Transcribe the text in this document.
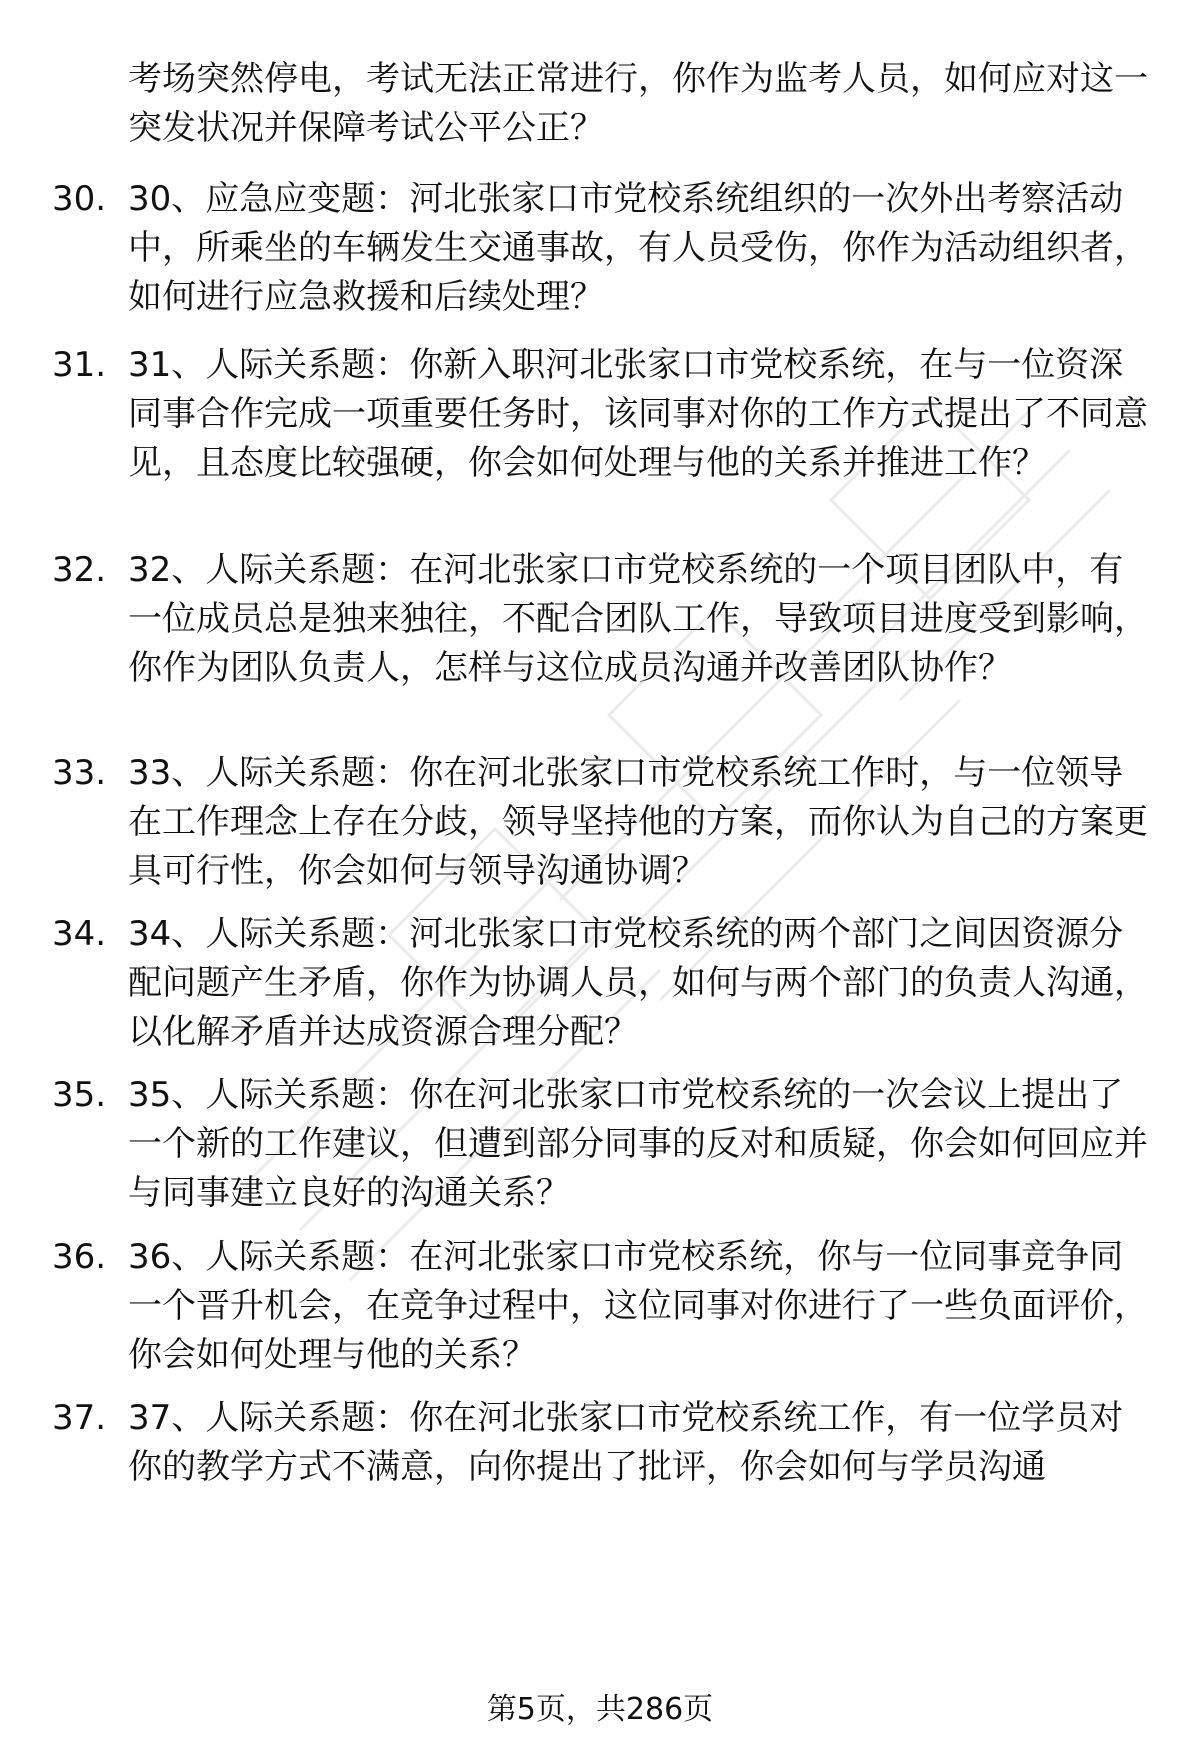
考场突然停电，考试无法正常进行，你作为监考人员，如何应对这一突发状况并保障考试公平公正？

30. 30、应急应变题：河北张家口市党校系统组织的一次外出考察活动中，所乘坐的车辆发生交通事故，有人员受伤，你作为活动组织者，如何进行应急救援和后续处理？

31. 31、人际关系题：你新入职河北张家口市党校系统，在与一位资深同事合作完成一项重要任务时，该同事对你的工作方式提出了不同意见，且态度比较强硬，你会如何处理与他的关系并推进工作？

32. 32、人际关系题：在河北张家口市党校系统的一个项目团队中，有一位成员总是独来独往，不配合团队工作，导致项目进度受到影响，你作为团队负责人，怎样与这位成员沟通并改善团队协作？

33. 33、人际关系题：你在河北张家口市党校系统工作时，与一位领导在工作理念上存在分歧，领导坚持他的方案，而你认为自己的方案更具可行性，你会如何与领导沟通协调？

34. 34、人际关系题：河北张家口市党校系统的两个部门之间因资源分配问题产生矛盾，你作为协调人员，如何与两个部门的负责人沟通，以化解矛盾并达成资源合理分配？

35. 35、人际关系题：你在河北张家口市党校系统的一次会议上提出了一个新的工作建议，但遭到部分同事的反对和质疑，你会如何回应并与同事建立良好的沟通关系？

36. 36、人际关系题：在河北张家口市党校系统，你与一位同事竞争同一个晋升机会，在竞争过程中，这位同事对你进行了一些负面评价，你会如何处理与他的关系？

37. 37、人际关系题：你在河北张家口市党校系统工作，有一位学员对你的教学方式不满意，向你提出了批评，你会如何与学员沟通

第5页，共286页
